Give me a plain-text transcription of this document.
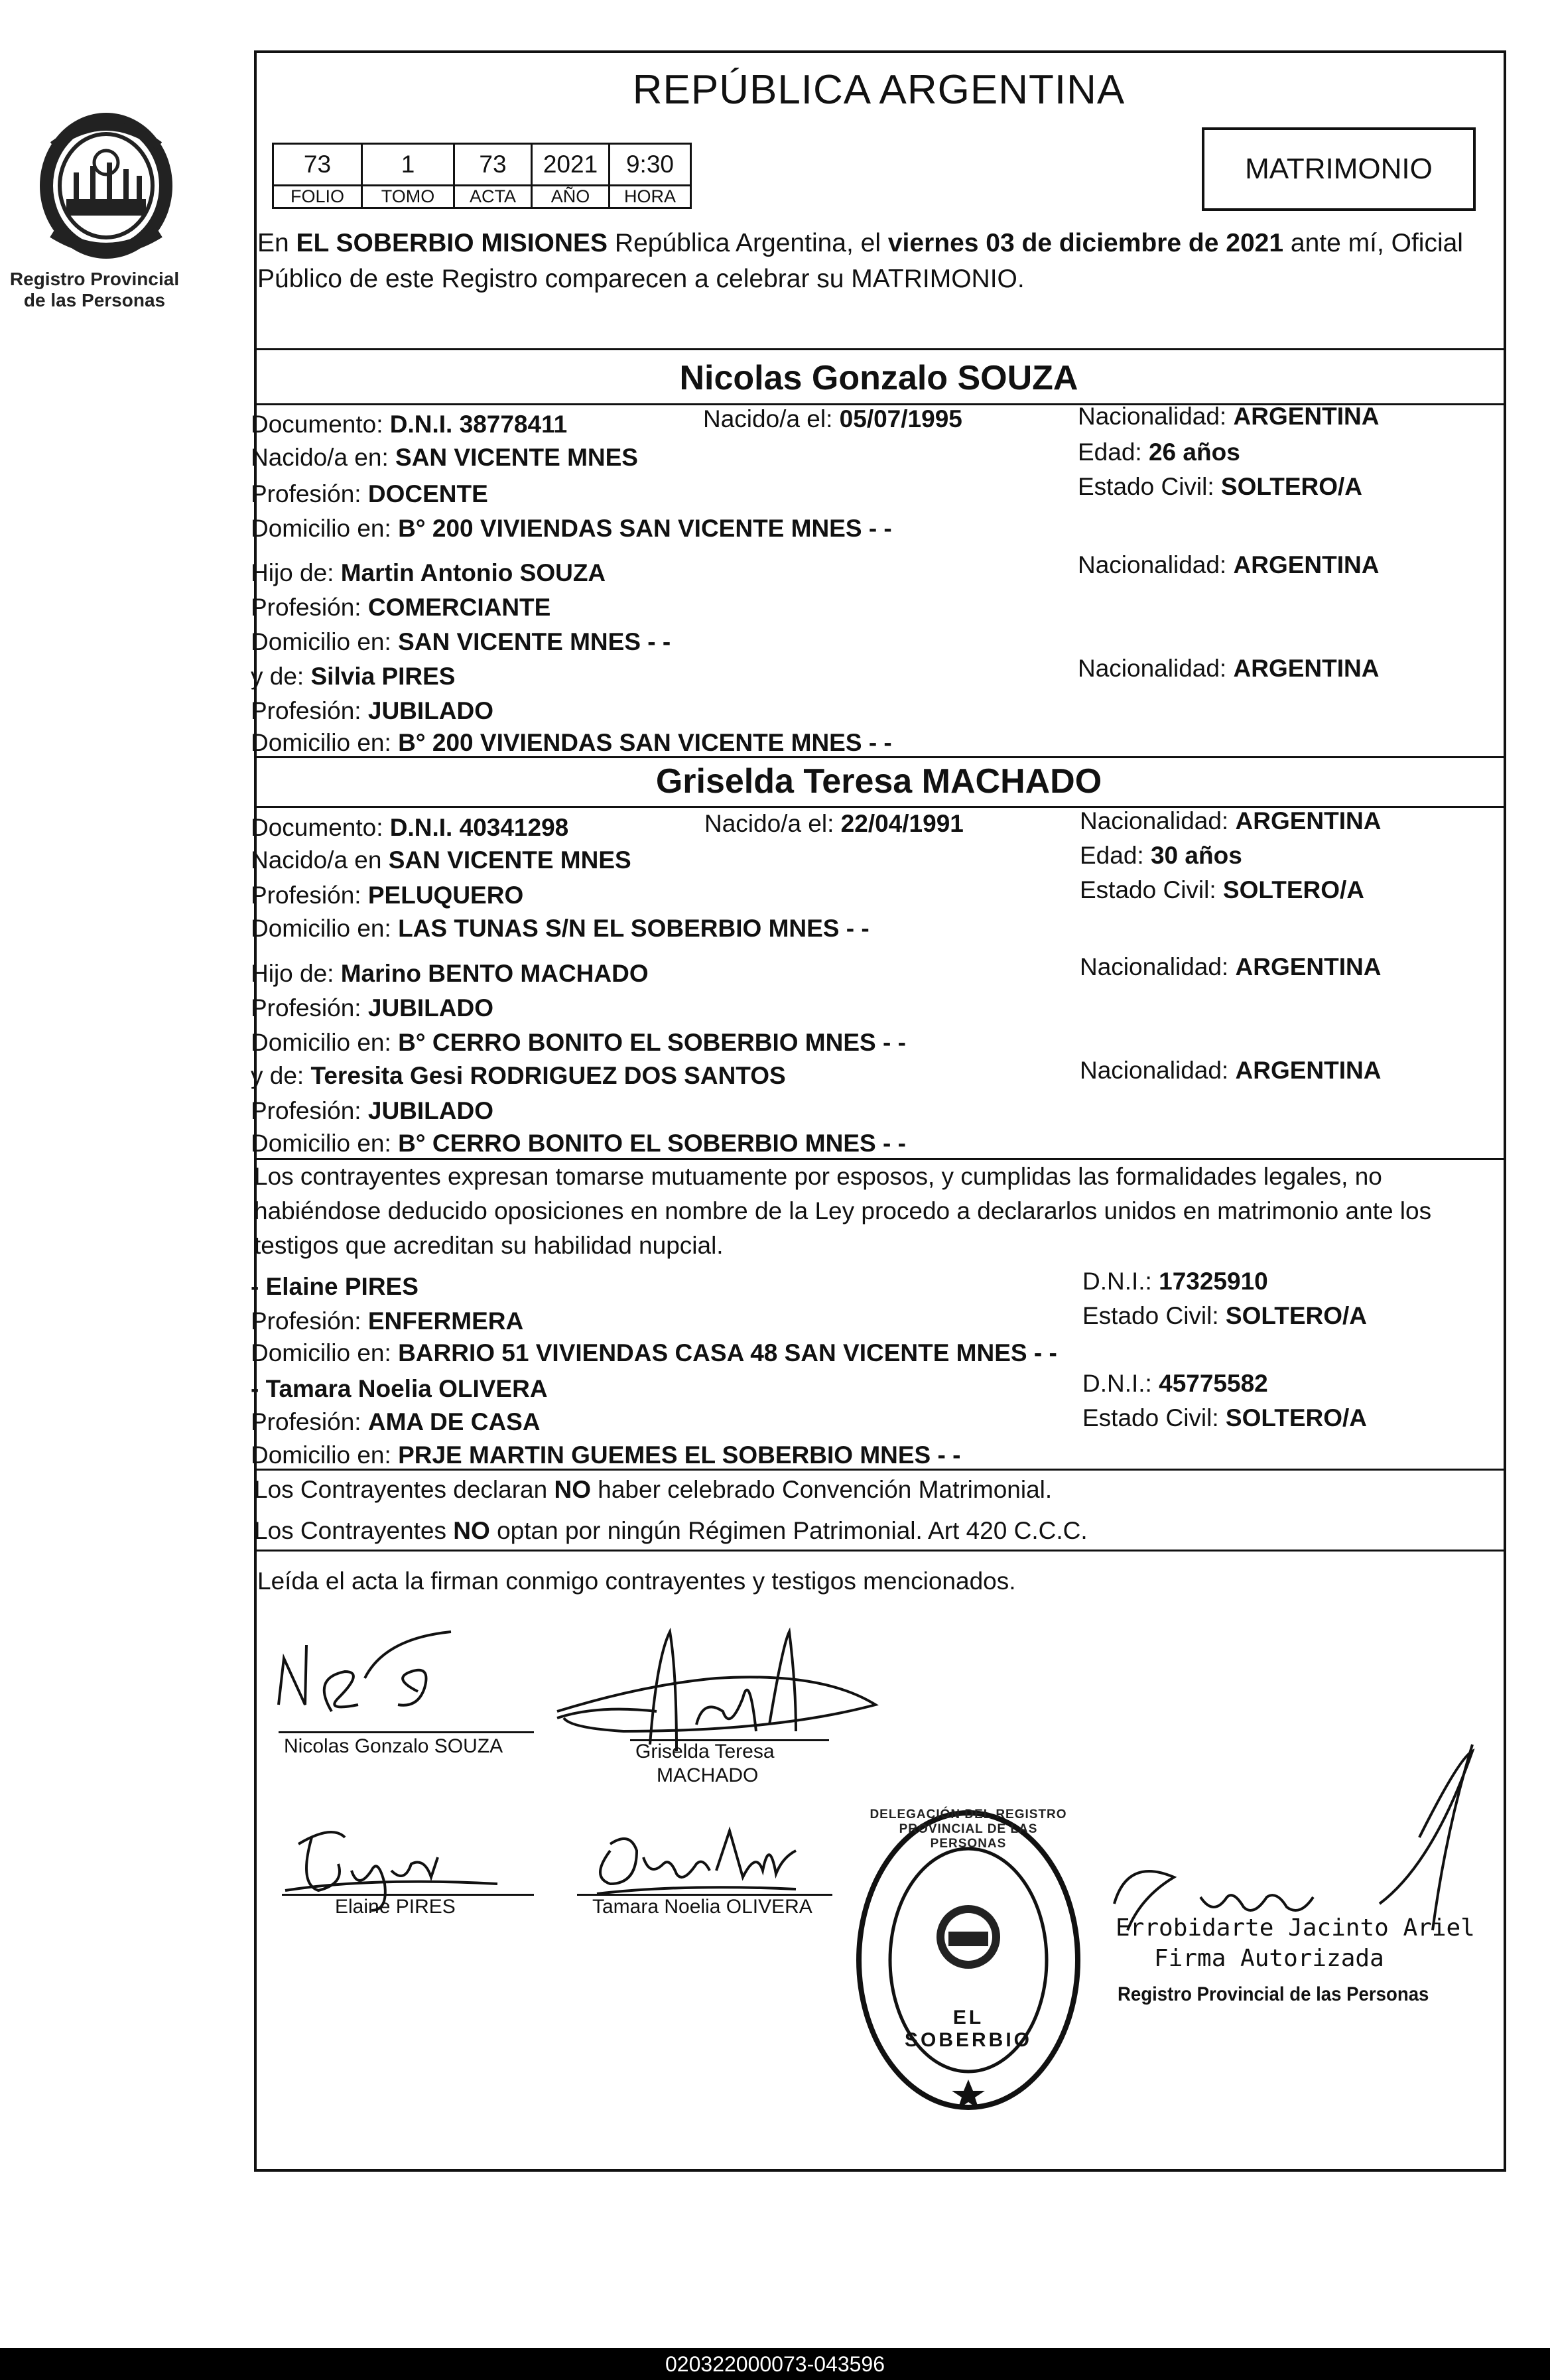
Registro Provincial
de las Personas
REPÚBLICA ARGENTINA
73	1	73	2021	9:30
FOLIO	TOMO	ACTA	AÑO	HORA
MATRIMONIO
En EL SOBERBIO MISIONES República Argentina, el viernes 03 de diciembre de 2021 ante mí, Oficial Público de este Registro comparecen a celebrar su MATRIMONIO.
Nicolas Gonzalo SOUZA
Documento: D.N.I. 38778411	Nacido/a el: 05/07/1995	Nacionalidad: ARGENTINA
Nacido/a en: SAN VICENTE MNES	Edad: 26 años
Profesión: DOCENTE	Estado Civil: SOLTERO/A
Domicilio en: B° 200 VIVIENDAS SAN VICENTE MNES - -
Hijo de: Martin Antonio SOUZA	Nacionalidad: ARGENTINA
Profesión: COMERCIANTE
Domicilio en: SAN VICENTE MNES - -
y de: Silvia PIRES	Nacionalidad: ARGENTINA
Profesión: JUBILADO
Domicilio en: B° 200 VIVIENDAS SAN VICENTE MNES - -
Griselda Teresa MACHADO
Documento: D.N.I. 40341298	Nacido/a el: 22/04/1991	Nacionalidad: ARGENTINA
Nacido/a en SAN VICENTE MNES	Edad: 30 años
Profesión: PELUQUERO	Estado Civil: SOLTERO/A
Domicilio en: LAS TUNAS S/N EL SOBERBIO MNES - -
Hijo de: Marino BENTO MACHADO	Nacionalidad: ARGENTINA
Profesión: JUBILADO
Domicilio en: B° CERRO BONITO EL SOBERBIO MNES - -
y de: Teresita Gesi RODRIGUEZ DOS SANTOS	Nacionalidad: ARGENTINA
Profesión: JUBILADO
Domicilio en: B° CERRO BONITO EL SOBERBIO MNES - -
Los contrayentes expresan tomarse mutuamente por esposos, y cumplidas las formalidades legales, no habiéndose deducido oposiciones en nombre de la Ley procedo a declararlos unidos en matrimonio ante los testigos que acreditan su habilidad nupcial.
- Elaine PIRES	D.N.I.: 17325910
Profesión: ENFERMERA	Estado Civil: SOLTERO/A
Domicilio en: BARRIO 51 VIVIENDAS CASA 48 SAN VICENTE MNES - -
- Tamara Noelia OLIVERA	D.N.I.: 45775582
Profesión: AMA DE CASA	Estado Civil: SOLTERO/A
Domicilio en: PRJE MARTIN GUEMES EL SOBERBIO MNES - -
Los Contrayentes declaran NO haber celebrado Convención Matrimonial.
Los Contrayentes NO optan por ningún Régimen Patrimonial. Art 420 C.C.C.
Leída el acta la firman conmigo contrayentes y testigos mencionados.
Nicolas Gonzalo SOUZA	Griselda Teresa
MACHADO
Elaine PIRES	Tamara Noelia OLIVERA
DELEGACIÓN DEL REGISTRO PROVINCIAL DE LAS PERSONAS
EL SOBERBIO
Errobidarte Jacinto Ariel
Firma Autorizada
Registro Provincial de las Personas
020322000073-043596
